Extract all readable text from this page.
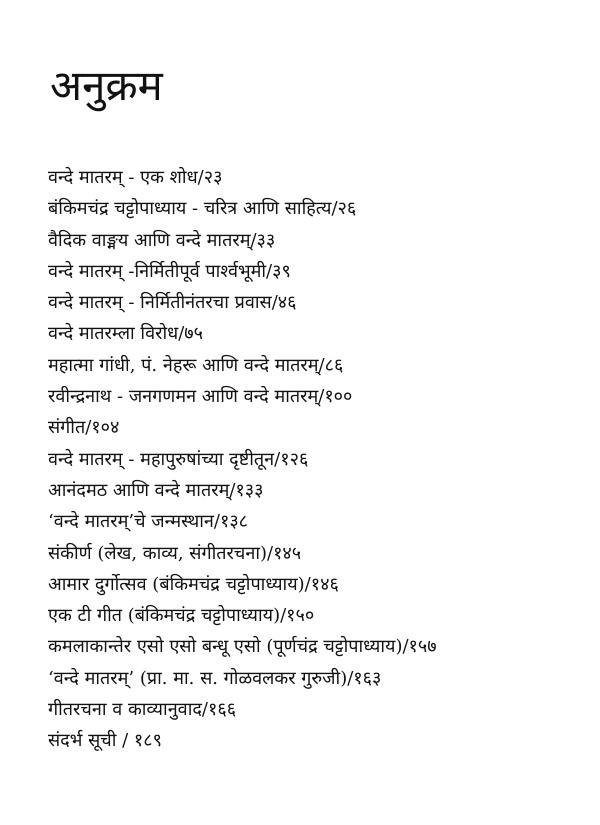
अनुक्रम
वन्दे मातरम् - एक शोध/२३
बंकिमचंद्र चट्टोपाध्याय - चरित्र आणि साहित्य/२६
वैदिक वाङ्मय आणि वन्दे मातरम्/३३
वन्दे मातरम् -निर्मितीपूर्व पार्श्वभूमी/३९
वन्दे मातरम् - निर्मितीनंतरचा प्रवास/४६
वन्दे मातरम्ला विरोध/७५
महात्मा गांधी, पं. नेहरू आणि वन्दे मातरम्/८६
रवीन्द्रनाथ - जनगणमन आणि वन्दे मातरम्/१००
संगीत/१०४
वन्दे मातरम् - महापुरुषांच्या दृष्टीतून/१२६
आनंदमठ आणि वन्दे मातरम्/१३३
‘वन्दे मातरम्’चे जन्मस्थान/१३८
संकीर्ण (लेख, काव्य, संगीतरचना)/१४५
आमार दुर्गोत्सव (बंकिमचंद्र चट्टोपाध्याय)/१४६
एक टी गीत (बंकिमचंद्र चट्टोपाध्याय)/१५०
कमलाकान्तेर एसो एसो बन्धू एसो (पूर्णचंद्र चट्टोपाध्याय)/१५७
‘वन्दे मातरम्’ (प्रा. मा. स. गोळवलकर गुरुजी)/१६३
गीतरचना व काव्यानुवाद/१६६
संदर्भ सूची / १८९
